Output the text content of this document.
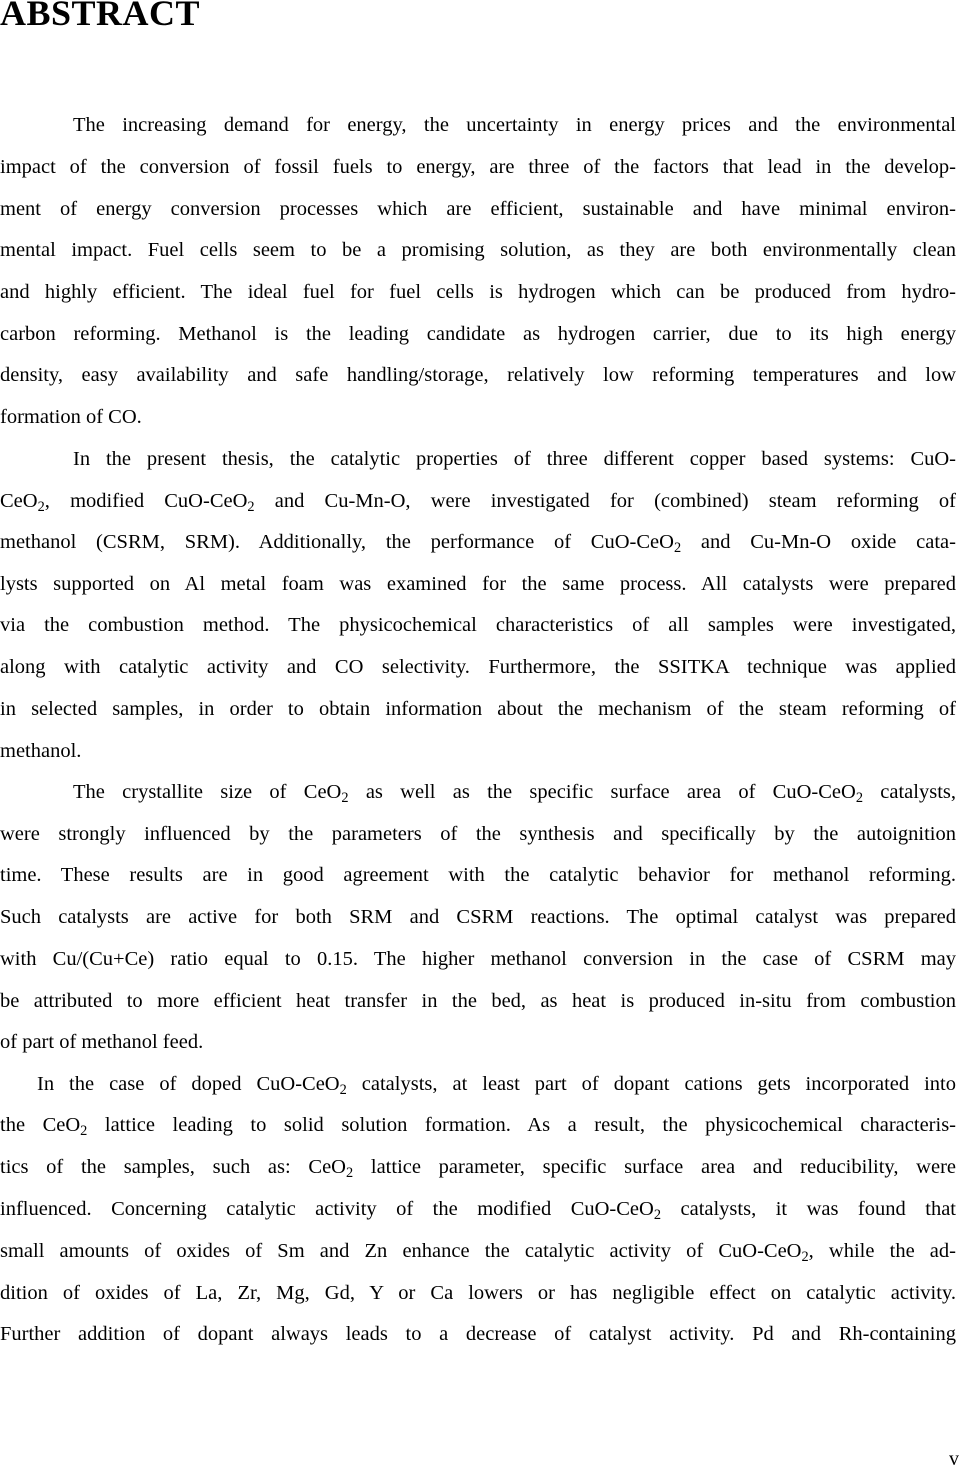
ABSTRACT

The increasing demand for energy, the uncertainty in energy prices and the environmental

impact of the conversion of fossil fuels to energy, are three of the factors that lead in the develop-

ment of energy conversion processes which are efficient, sustainable and have minimal environ-

mental impact. Fuel cells seem to be a promising solution, as they are both environmentally clean

and highly efficient. The ideal fuel for fuel cells is hydrogen which can be produced from hydro-

carbon reforming. Methanol is the leading candidate as hydrogen carrier, due to its high energy

density, easy availability and safe handling/storage, relatively low reforming temperatures and low

formation of CO.

In the present thesis, the catalytic properties of three different copper based systems: CuO-

CeO$_2$, modified CuO-CeO$_2$ and Cu-Mn-O, were investigated for (combined) steam reforming of

methanol (CSRM, SRM). Additionally, the performance of CuO-CeO$_2$ and Cu-Mn-O oxide cata-

lysts supported on Al metal foam was examined for the same process. All catalysts were prepared

via the combustion method. The physicochemical characteristics of all samples were investigated,

along with catalytic activity and CO selectivity. Furthermore, the SSITKA technique was applied

in selected samples, in order to obtain information about the mechanism of the steam reforming of

methanol.

The crystallite size of CeO$_2$ as well as the specific surface area of CuO-CeO$_2$ catalysts,

were strongly influenced by the parameters of the synthesis and specifically by the autoignition

time. These results are in good agreement with the catalytic behavior for methanol reforming.

Such catalysts are active for both SRM and CSRM reactions. The optimal catalyst was prepared

with Cu/(Cu+Ce) ratio equal to 0.15. The higher methanol conversion in the case of CSRM may

be attributed to more efficient heat transfer in the bed, as heat is produced in-situ from combustion

of part of methanol feed.

In the case of doped CuO-CeO$_2$ catalysts, at least part of dopant cations gets incorporated into

the CeO$_2$ lattice leading to solid solution formation. As a result, the physicochemical characteris-

tics of the samples, such as: CeO$_2$ lattice parameter, specific surface area and reducibility, were

influenced. Concerning catalytic activity of the modified CuO-CeO$_2$ catalysts, it was found that

small amounts of oxides of Sm and Zn enhance the catalytic activity of CuO-CeO$_2$, while the ad-

dition of oxides of La, Zr, Mg, Gd, Y or Ca lowers or has negligible effect on catalytic activity.

Further addition of dopant always leads to a decrease of catalyst activity. Pd and Rh-containing

v
